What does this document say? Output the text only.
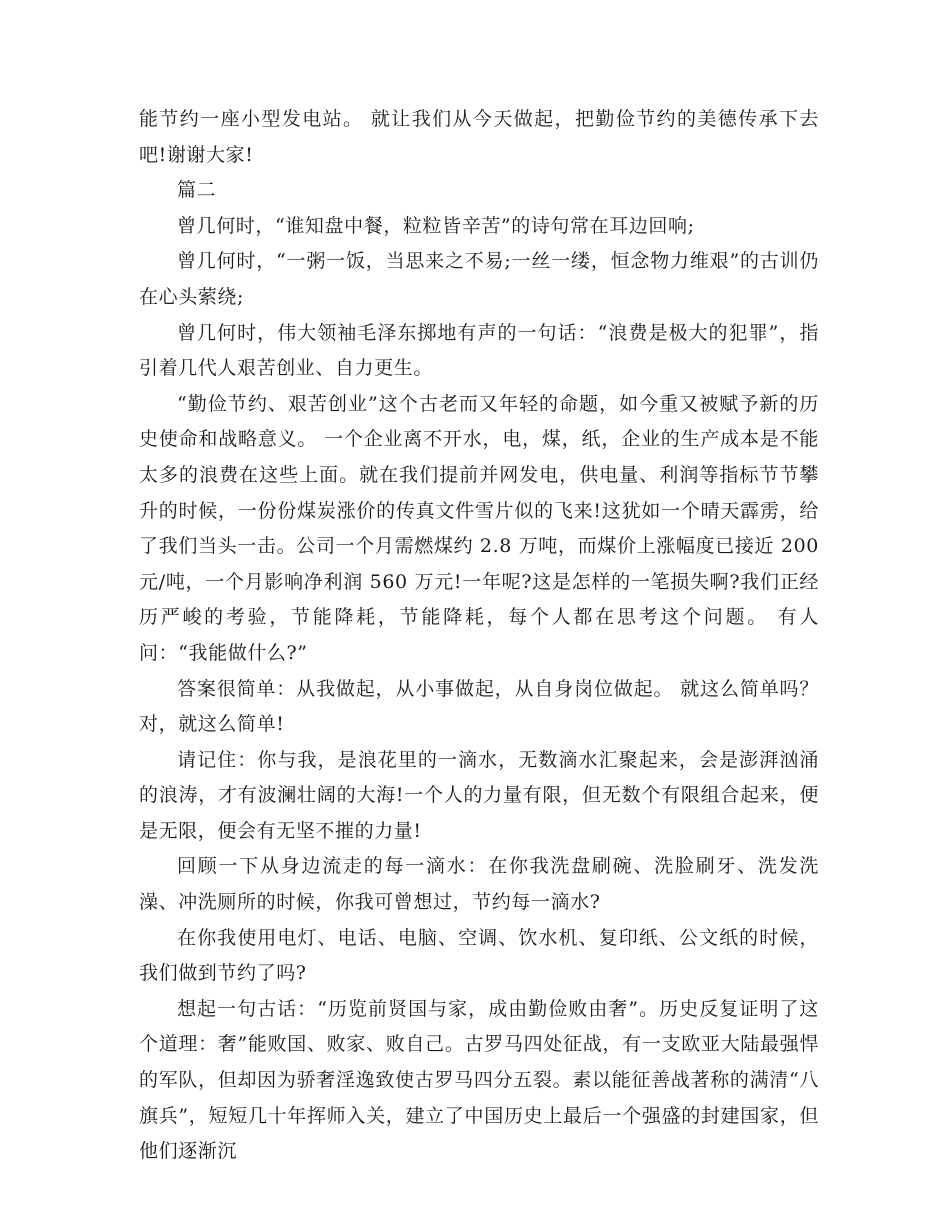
能节约一座小型发电站。 就让我们从今天做起，把勤俭节约的美德传承下去吧!谢谢大家!

篇二

曾几何时，“谁知盘中餐，粒粒皆辛苦”的诗句常在耳边回响;

曾几何时，“一粥一饭，当思来之不易;一丝一缕，恒念物力维艰”的古训仍在心头萦绕;

曾几何时，伟大领袖毛泽东掷地有声的一句话：“浪费是极大的犯罪”，指引着几代人艰苦创业、自力更生。

“勤俭节约、艰苦创业”这个古老而又年轻的命题，如今重又被赋予新的历史使命和战略意义。 一个企业离不开水，电，煤，纸，企业的生产成本是不能太多的浪费在这些上面。就在我们提前并网发电，供电量、利润等指标节节攀升的时候，一份份煤炭涨价的传真文件雪片似的飞来!这犹如一个晴天霹雳，给了我们当头一击。公司一个月需燃煤约 2.8 万吨，而煤价上涨幅度已接近 200 元/吨，一个月影响净利润 560 万元!一年呢?这是怎样的一笔损失啊?我们正经历严峻的考验，节能降耗，节能降耗，每个人都在思考这个问题。 有人问：“我能做什么?”

答案很简单：从我做起，从小事做起，从自身岗位做起。 就这么简单吗？对，就这么简单!

请记住：你与我，是浪花里的一滴水，无数滴水汇聚起来，会是澎湃汹涌的浪涛，才有波澜壮阔的大海!一个人的力量有限，但无数个有限组合起来，便是无限，便会有无坚不摧的力量!

回顾一下从身边流走的每一滴水：在你我洗盘刷碗、洗脸刷牙、洗发洗澡、冲洗厕所的时候，你我可曾想过，节约每一滴水?

在你我使用电灯、电话、电脑、空调、饮水机、复印纸、公文纸的时候，我们做到节约了吗?

想起一句古话：“历览前贤国与家，成由勤俭败由奢”。历史反复证明了这个道理：奢”能败国、败家、败自己。古罗马四处征战，有一支欧亚大陆最强悍的军队，但却因为骄奢淫逸致使古罗马四分五裂。素以能征善战著称的满清“八旗兵”，短短几十年挥师入关，建立了中国历史上最后一个强盛的封建国家，但他们逐渐沉
